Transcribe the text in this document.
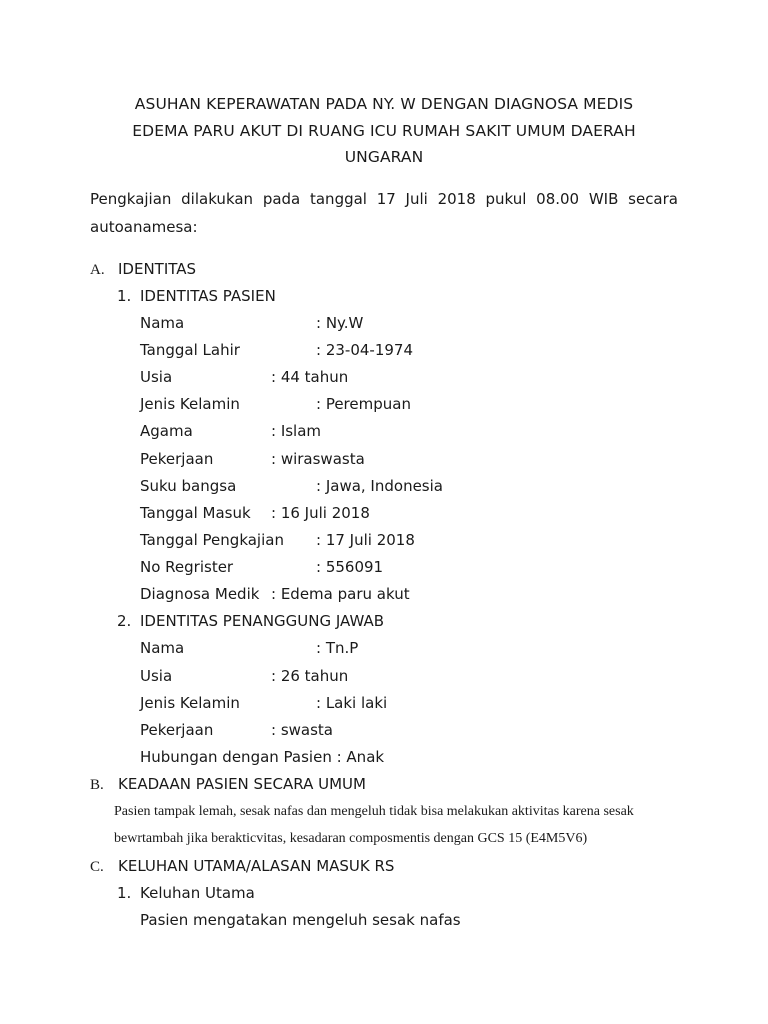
ASUHAN KEPERAWATAN PADA NY. W DENGAN DIAGNOSA MEDIS
EDEMA PARU AKUT DI RUANG ICU RUMAH SAKIT UMUM DAERAH
UNGARAN
Pengkajian dilakukan pada tanggal 17 Juli 2018 pukul 08.00 WIB secara
autoanamesa:
A. IDENTITAS
1. IDENTITAS PASIEN
Nama	: Ny.W
Tanggal Lahir	: 23-04-1974
Usia	: 44 tahun
Jenis Kelamin	: Perempuan
Agama	: Islam
Pekerjaan	: wiraswasta
Suku bangsa	: Jawa, Indonesia
Tanggal Masuk : 16 Juli 2018
Tanggal Pengkajian : 17 Juli 2018
No Regrister	: 556091
Diagnosa Medik : Edema paru akut
2. IDENTITAS PENANGGUNG JAWAB
Nama	: Tn.P
Usia	: 26 tahun
Jenis Kelamin	: Laki laki
Pekerjaan	: swasta
Hubungan dengan Pasien : Anak
B. KEADAAN PASIEN SECARA UMUM
Pasien tampak lemah, sesak nafas dan mengeluh tidak bisa melakukan aktivitas karena sesak
bewrtambah jika berakticvitas, kesadaran composmentis dengan GCS 15 (E4M5V6)
C. KELUHAN UTAMA/ALASAN MASUK RS
1. Keluhan Utama
Pasien mengatakan mengeluh sesak nafas
